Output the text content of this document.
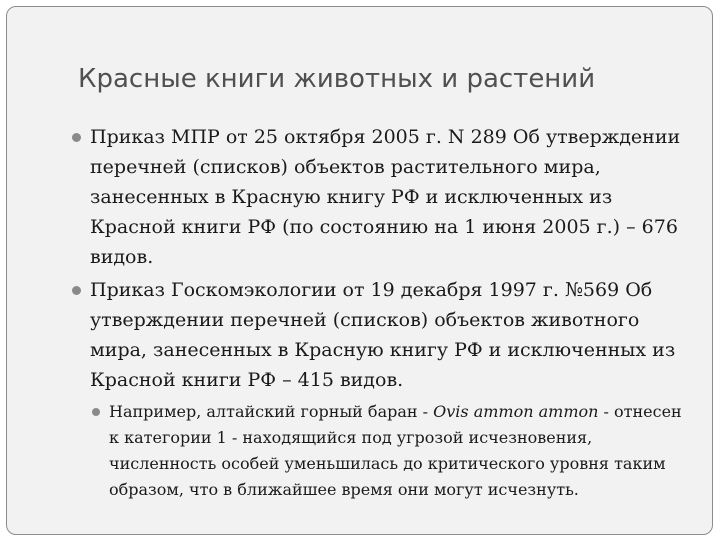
Красные книги животных и растений
Приказ МПР от 25 октября 2005 г. N 289 Об утверждении перечней (списков) объектов растительного мира, занесенных в Красную книгу РФ и исключенных из Красной книги РФ (по состоянию на 1 июня 2005 г.) – 676 видов.
Приказ Госкомэкологии от 19 декабря 1997 г. №569 Об утверждении перечней (списков) объектов животного мира, занесенных в Красную книгу РФ и исключенных из Красной книги РФ – 415 видов.
Например, алтайский горный баран - Ovis ammon ammon - отнесен к категории 1 - находящийся под угрозой исчезновения, численность особей уменьшилась до критического уровня таким образом, что в ближайшее время они могут исчезнуть.
